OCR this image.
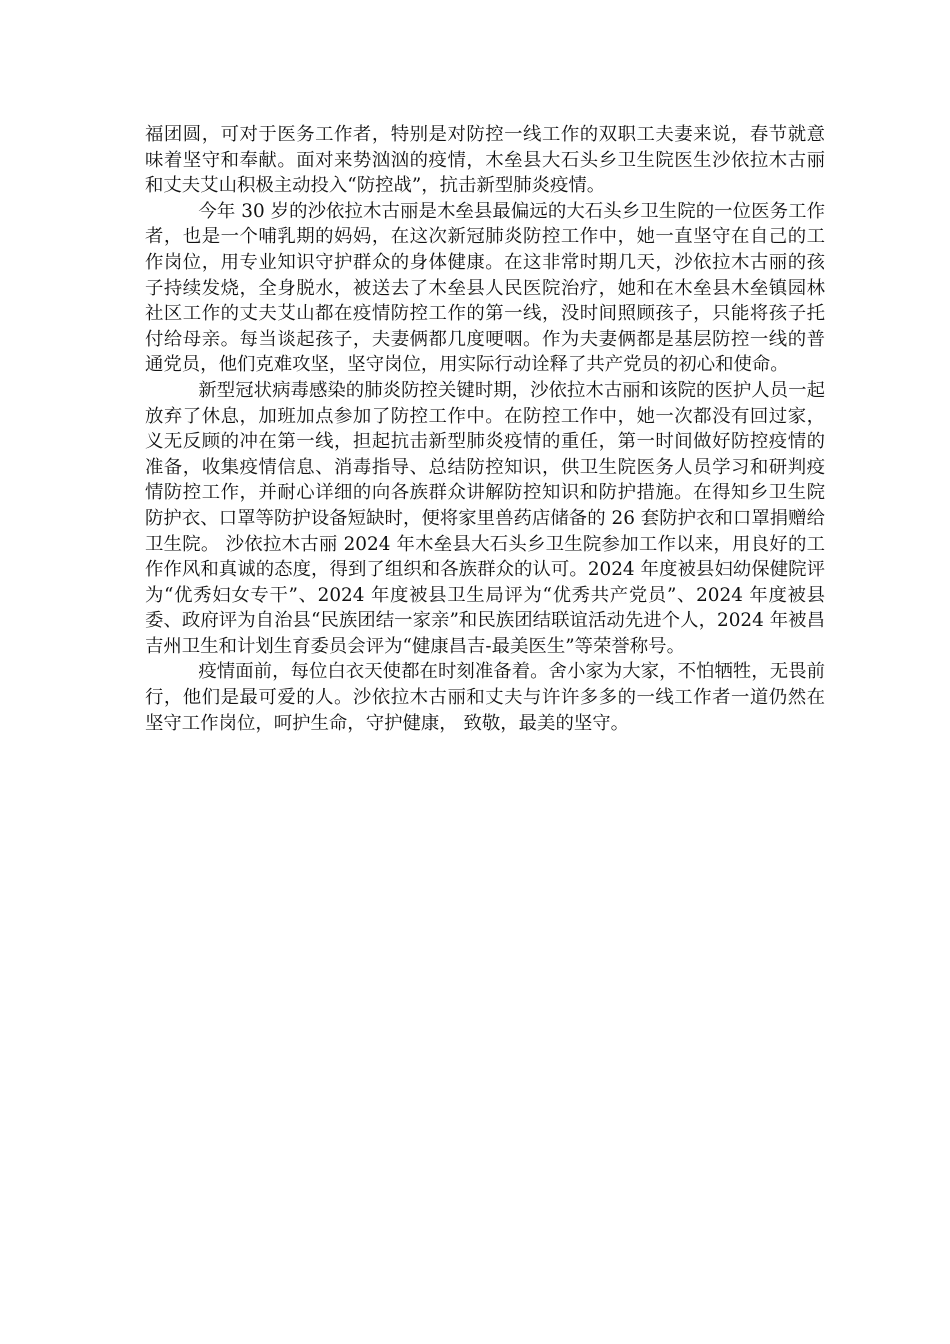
福团圆，可对于医务工作者，特别是对防控一线工作的双职工夫妻来说，春节就意味着坚守和奉献。面对来势汹汹的疫情，木垒县大石头乡卫生院医生沙依拉木古丽和丈夫艾山积极主动投入“防控战”，抗击新型肺炎疫情。

今年 30 岁的沙依拉木古丽是木垒县最偏远的大石头乡卫生院的一位医务工作者，也是一个哺乳期的妈妈，在这次新冠肺炎防控工作中，她一直坚守在自己的工作岗位，用专业知识守护群众的身体健康。在这非常时期几天，沙依拉木古丽的孩子持续发烧，全身脱水，被送去了木垒县人民医院治疗，她和在木垒县木垒镇园林社区工作的丈夫艾山都在疫情防控工作的第一线，没时间照顾孩子，只能将孩子托付给母亲。每当谈起孩子，夫妻俩都几度哽咽。作为夫妻俩都是基层防控一线的普通党员，他们克难攻坚，坚守岗位，用实际行动诠释了共产党员的初心和使命。

新型冠状病毒感染的肺炎防控关键时期，沙依拉木古丽和该院的医护人员一起放弃了休息，加班加点参加了防控工作中。在防控工作中，她一次都没有回过家，义无反顾的冲在第一线，担起抗击新型肺炎疫情的重任，第一时间做好防控疫情的准备，收集疫情信息、消毒指导、总结防控知识，供卫生院医务人员学习和研判疫情防控工作，并耐心详细的向各族群众讲解防控知识和防护措施。在得知乡卫生院防护衣、口罩等防护设备短缺时，便将家里兽药店储备的 26 套防护衣和口罩捐赠给卫生院。 沙依拉木古丽 2024 年木垒县大石头乡卫生院参加工作以来，用良好的工作作风和真诚的态度，得到了组织和各族群众的认可。2024 年度被县妇幼保健院评为“优秀妇女专干”、2024 年度被县卫生局评为“优秀共产党员”、2024 年度被县委、政府评为自治县“民族团结一家亲”和民族团结联谊活动先进个人，2024 年被昌吉州卫生和计划生育委员会评为“健康昌吉-最美医生”等荣誉称号。

疫情面前，每位白衣天使都在时刻准备着。舍小家为大家，不怕牺牲，无畏前行，他们是最可爱的人。沙依拉木古丽和丈夫与许许多多的一线工作者一道仍然在坚守工作岗位，呵护生命，守护健康， 致敬，最美的坚守。
